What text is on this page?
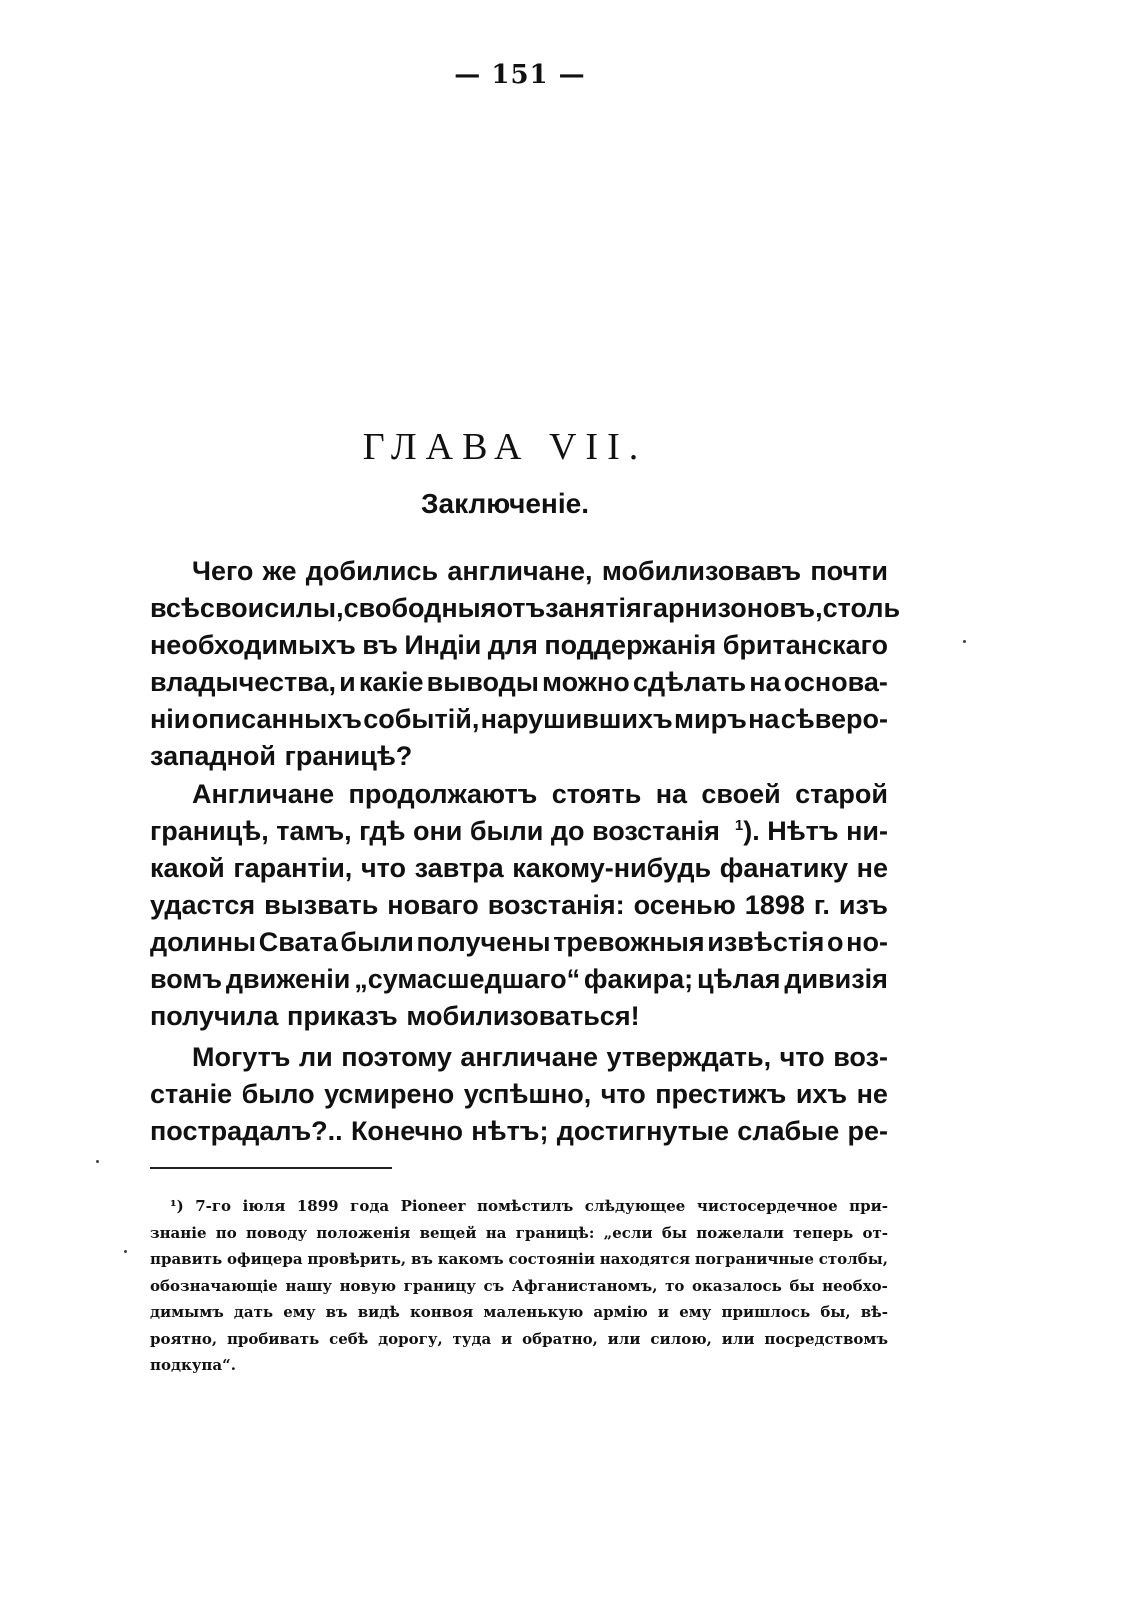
— 151 —
ГЛАВА VII.
Заключеніе.
Чего же добились англичане, мобилизовавъ почти
всѣ свои силы, свободныя отъ занятія гарнизоновъ, столь
необходимыхъ въ Индіи для поддержанія британскаго
владычества, и какіе выводы можно сдѣлать на основа-
ніи описанныхъ событій, нарушившихъ миръ на сѣверо-
западной границѣ?
Англичане продолжаютъ стоять на своей старой
границѣ, тамъ, гдѣ они были до возстанія $^1$). Нѣтъ ни-
какой гарантіи, что завтра какому-нибудь фанатику не
удастся вызвать новаго возстанія: осенью 1898 г. изъ
долины Свата были получены тревожныя извѣстія о но-
вомъ движеніи „сумасшедшаго“ факира; цѣлая дивизія
получила приказъ мобилизоваться!
Могутъ ли поэтому англичане утверждать, что воз-
станіе было усмирено успѣшно, что престижъ ихъ не
пострадалъ?.. Конечно нѣтъ; достигнутые слабые ре-
¹) 7-го іюля 1899 года Pioneer помѣстилъ слѣдующее чистосердечное при-
знаніе по поводу положенія вещей на границѣ: „если бы пожелали теперь от-
править офицера провѣрить, въ какомъ состояніи находятся пограничные столбы,
обозначающіе нашу новую границу съ Афганистаномъ, то оказалось бы необхо-
димымъ дать ему въ видѣ конвоя маленькую армію и ему пришлось бы, вѣ-
роятно, пробивать себѣ дорогу, туда и обратно, или силою, или посредствомъ
подкупа“.
